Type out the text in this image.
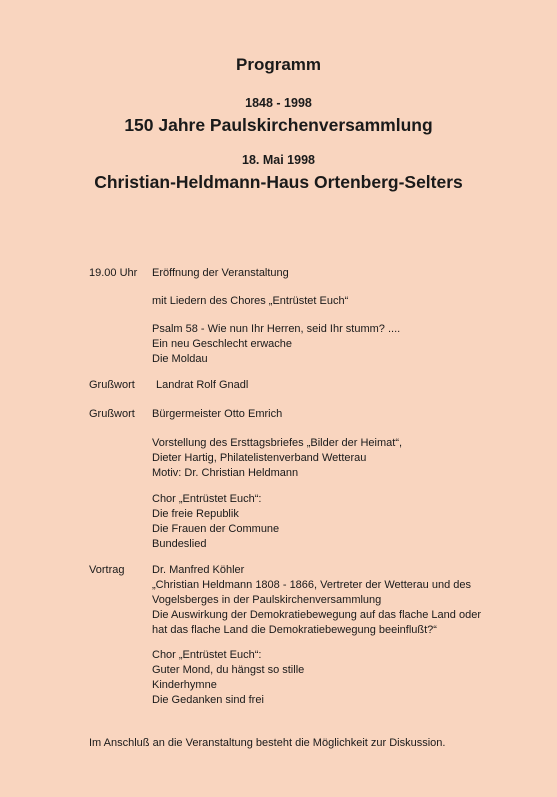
Programm
1848 - 1998
150 Jahre Paulskirchenversammlung
18. Mai 1998
Christian-Heldmann-Haus Ortenberg-Selters
19.00 Uhr	Eröffnung der Veranstaltung
mit Liedern des Chores „Entrüstet Euch“
Psalm 58 - Wie nun Ihr Herren, seid Ihr stumm? ....
Ein neu Geschlecht erwache
Die Moldau
Grußwort	Landrat Rolf Gnadl
Grußwort	Bürgermeister Otto Emrich
Vorstellung des Ersttagsbriefes „Bilder der Heimat“,
Dieter Hartig, Philatelistenverband Wetterau
Motiv: Dr. Christian Heldmann
Chor „Entrüstet Euch“:
Die freie Republik
Die Frauen der Commune
Bundeslied
Vortrag	Dr. Manfred Köhler
„Christian Heldmann 1808 - 1866, Vertreter der Wetterau und des
Vogelsberges in der Paulskirchenversammlung
Die Auswirkung der Demokratiebewegung auf das flache Land oder
hat das flache Land die Demokratiebewegung beeinflußt?“
Chor „Entrüstet Euch“:
Guter Mond, du hängst so stille
Kinderhymne
Die Gedanken sind frei
Im Anschluß an die Veranstaltung besteht die Möglichkeit zur Diskussion.
